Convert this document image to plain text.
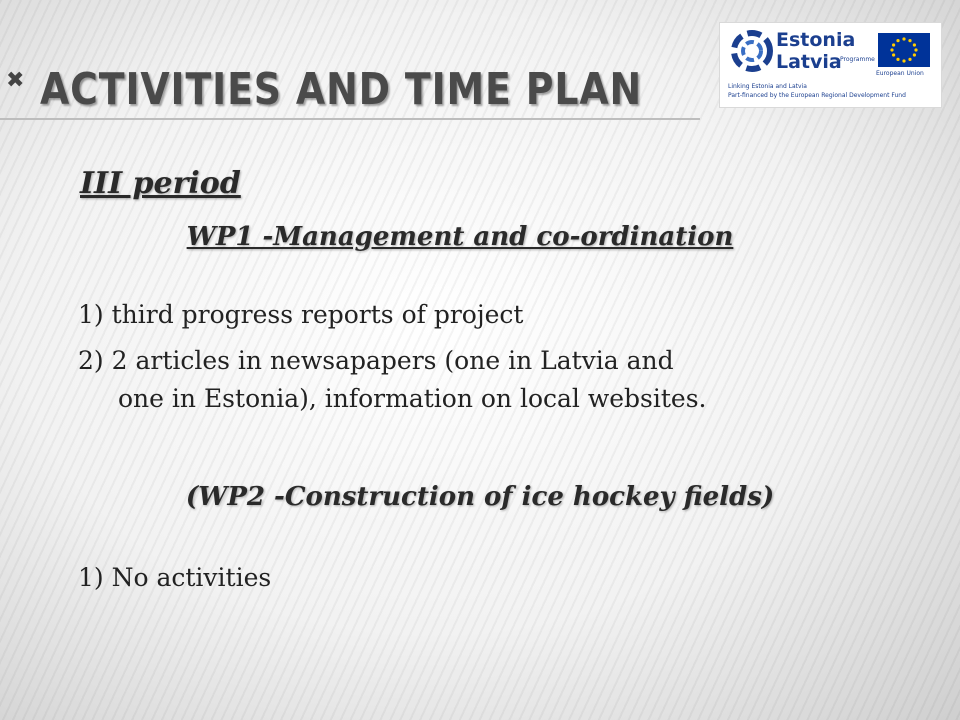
✖ ACTIVITIES AND TIME PLAN
Estonia
Latvia
Programme
Linking Estonia and Latvia
Part-financed by the European Regional Development Fund
European Union

III period

WP1 -Management and co-ordination

1) third progress reports of project

2) 2 articles in newsapapers (one in Latvia and

one in Estonia), information on local websites.

(WP2 -Construction of ice hockey fields)

1) No activities
